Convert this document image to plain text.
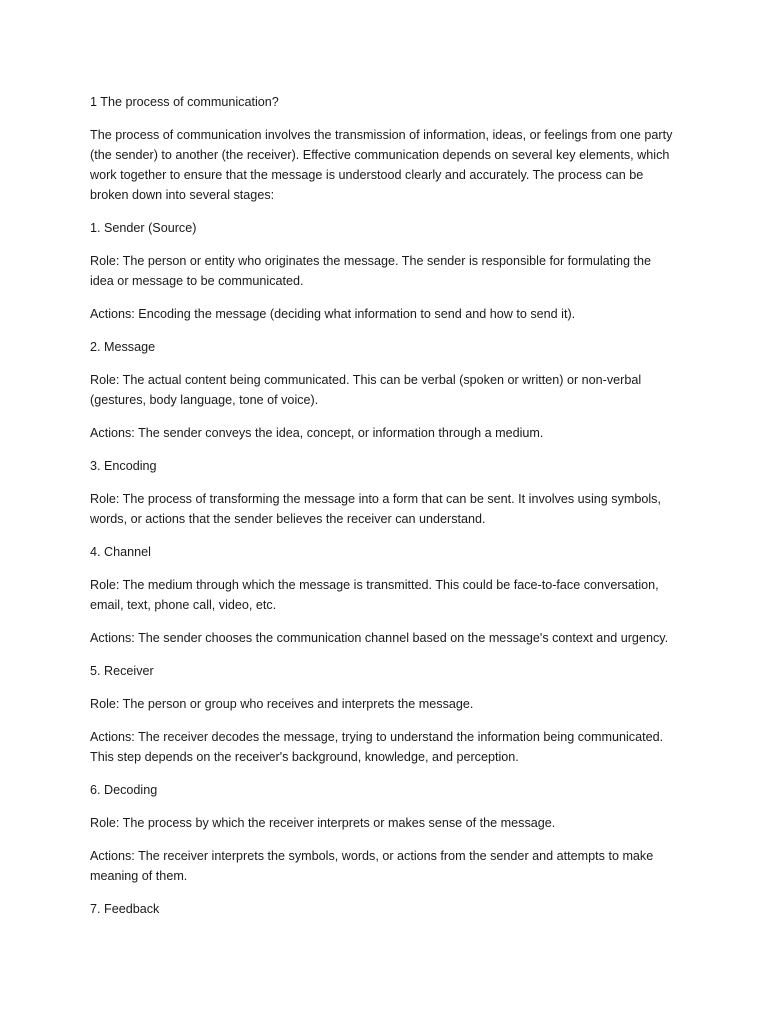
1 The process of communication?

The process of communication involves the transmission of information, ideas, or feelings from one party (the sender) to another (the receiver). Effective communication depends on several key elements, which work together to ensure that the message is understood clearly and accurately. The process can be broken down into several stages:

1. Sender (Source)

Role: The person or entity who originates the message. The sender is responsible for formulating the idea or message to be communicated.

Actions: Encoding the message (deciding what information to send and how to send it).

2. Message

Role: The actual content being communicated. This can be verbal (spoken or written) or non-verbal (gestures, body language, tone of voice).

Actions: The sender conveys the idea, concept, or information through a medium.

3. Encoding

Role: The process of transforming the message into a form that can be sent. It involves using symbols, words, or actions that the sender believes the receiver can understand.

4. Channel

Role: The medium through which the message is transmitted. This could be face-to-face conversation, email, text, phone call, video, etc.

Actions: The sender chooses the communication channel based on the message's context and urgency.

5. Receiver

Role: The person or group who receives and interprets the message.

Actions: The receiver decodes the message, trying to understand the information being communicated. This step depends on the receiver's background, knowledge, and perception.

6. Decoding

Role: The process by which the receiver interprets or makes sense of the message.

Actions: The receiver interprets the symbols, words, or actions from the sender and attempts to make meaning of them.

7. Feedback
